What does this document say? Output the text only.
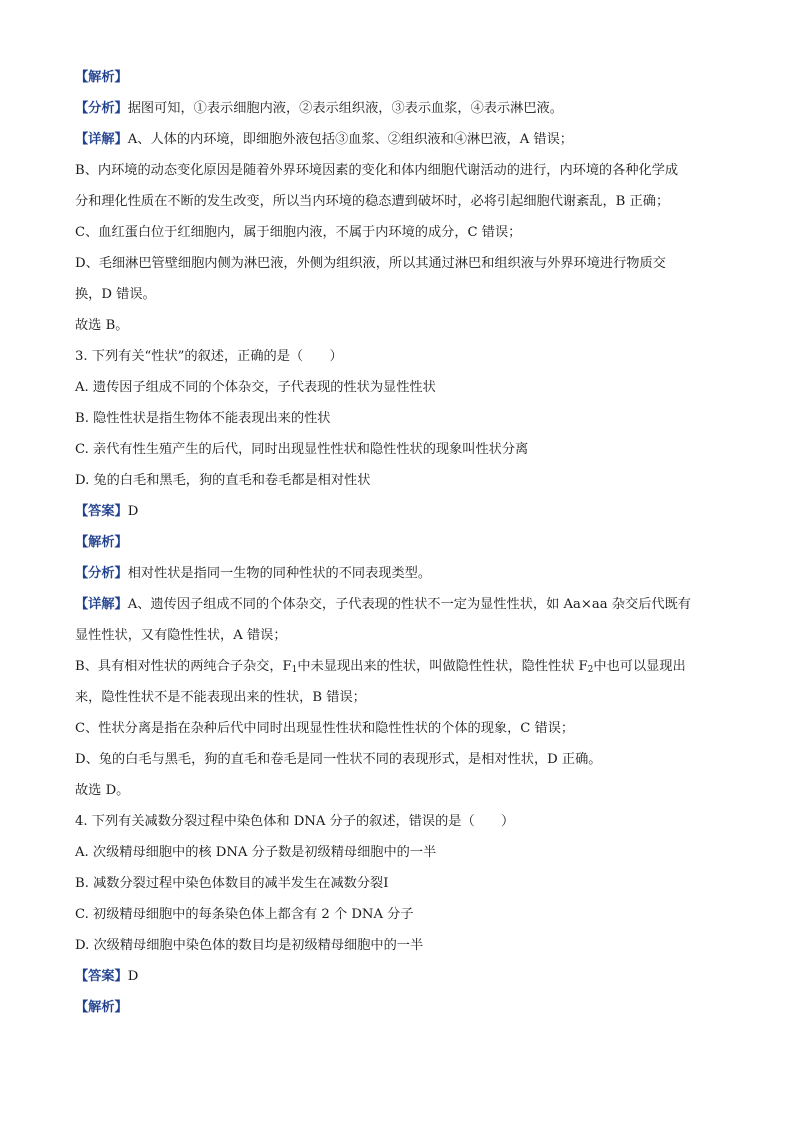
【解析】
【分析】据图可知，①表示细胞内液，②表示组织液，③表示血浆，④表示淋巴液。
【详解】A、人体的内环境，即细胞外液包括③血浆、②组织液和④淋巴液，A 错误；
B、内环境的动态变化原因是随着外界环境因素的变化和体内细胞代谢活动的进行，内环境的各种化学成
分和理化性质在不断的发生改变，所以当内环境的稳态遭到破坏时，必将引起细胞代谢紊乱，B 正确；
C、血红蛋白位于红细胞内，属于细胞内液，不属于内环境的成分，C 错误；
D、毛细淋巴管壁细胞内侧为淋巴液，外侧为组织液，所以其通过淋巴和组织液与外界环境进行物质交
换，D 错误。
故选 B。
3. 下列有关“性状”的叙述，正确的是（　　）
A. 遗传因子组成不同的个体杂交，子代表现的性状为显性性状
B. 隐性性状是指生物体不能表现出来的性状
C. 亲代有性生殖产生的后代，同时出现显性性状和隐性性状的现象叫性状分离
D. 兔的白毛和黑毛，狗的直毛和卷毛都是相对性状
【答案】D
【解析】
【分析】相对性状是指同一生物的同种性状的不同表现类型。
【详解】A、遗传因子组成不同的个体杂交，子代表现的性状不一定为显性性状，如 Aa×aa 杂交后代既有
显性性状，又有隐性性状，A 错误；
B、具有相对性状的两纯合子杂交，$F_1$中未显现出来的性状，叫做隐性性状，隐性性状 $F_2$中也可以显现出
来，隐性性状不是不能表现出来的性状，B 错误；
C、性状分离是指在杂种后代中同时出现显性性状和隐性性状的个体的现象，C 错误；
D、兔的白毛与黑毛，狗的直毛和卷毛是同一性状不同的表现形式，是相对性状，D 正确。
故选 D。
4. 下列有关减数分裂过程中染色体和 DNA 分子的叙述，错误的是（　　）
A. 次级精母细胞中的核 DNA 分子数是初级精母细胞中的一半
B. 减数分裂过程中染色体数目的减半发生在减数分裂Ⅰ
C. 初级精母细胞中的每条染色体上都含有 2 个 DNA 分子
D. 次级精母细胞中染色体的数目均是初级精母细胞中的一半
【答案】D
【解析】
